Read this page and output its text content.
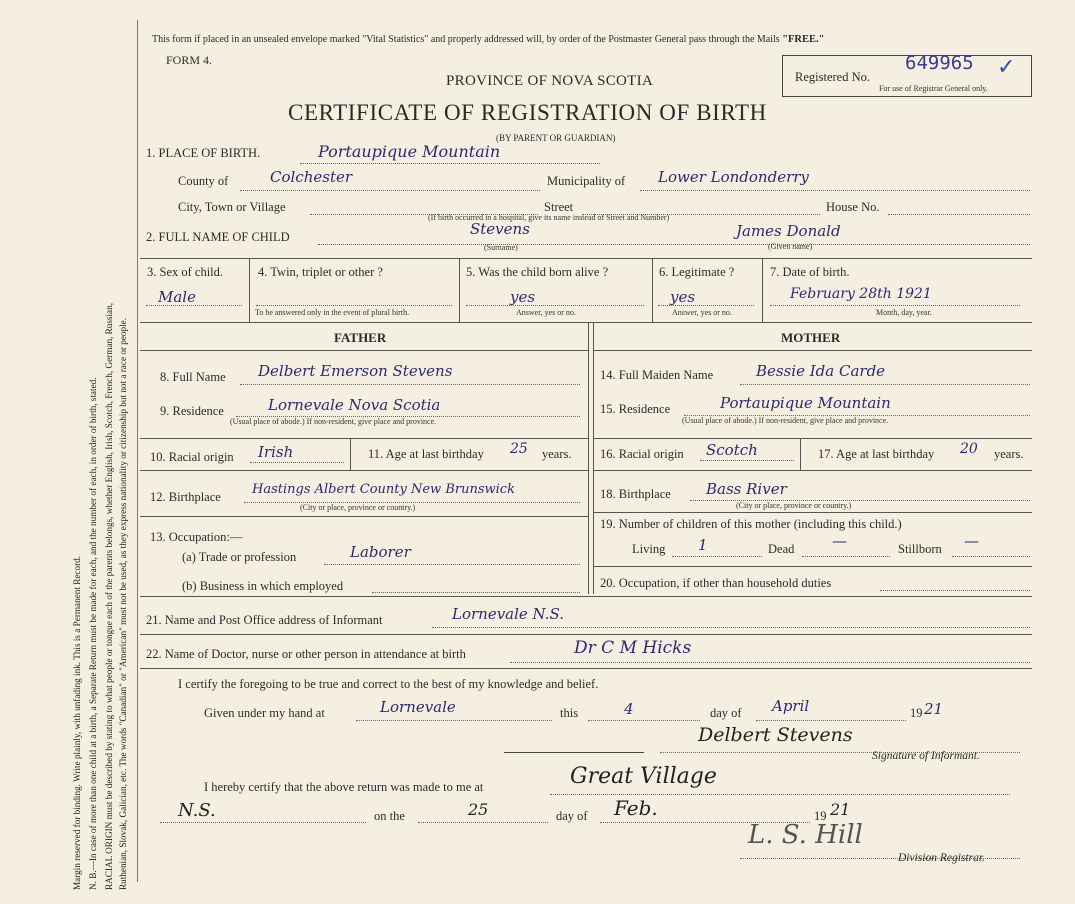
Margin reserved for binding. Write plainly, with unfading ink. This is a Permanent Record. N. B.—In case of more than one child at a birth, a Separate Return must be made for each, and the number of each, in order of birth, stated. RACIAL ORIGIN must be described by stating to what people or tongue each of the parents belongs, whether English, Irish, Scotch, French, German, Russian, Ruthenian, Slovak, Galician, etc. The words "Canadian" or "American" must not be used, as they express nationality or citizenship but not a race or people.
This form if placed in an unsealed envelope marked "Vital Statistics" and properly addressed will, by order of the Postmaster General pass through the Mails "FREE."
FORM 4.
PROVINCE OF NOVA SCOTIA
CERTIFICATE OF REGISTRATION OF BIRTH
(BY PARENT OR GUARDIAN)
Registered No.
649965 ✓
For use of Registrar General only.
1. PLACE OF BIRTH.	Portaupique Mountain
County of	Colchester	Municipality of Lower Londonderry
City, Town or Village	Street	House No.
(If birth occurred in a hospital, give its name instead of Street and Number)
2. FULL NAME OF CHILD	Stevens
(Surname)
James Donald
(Given name)
3. Sex of child.
Male
4. Twin, triplet or other ?
To be answered only in the event of plural birth.
5. Was the child born alive ?
yes
Answer, yes or no.
6. Legitimate ?
yes
Answer, yes or no.
7. Date of birth.
February 28th 1921
Month, day, year.
FATHER	MOTHER
8. Full Name Delbert Emerson Stevens
9. Residence	Lornevale Nova Scotia
(Usual place of abode.) If non-resident, give place and province.
10. Racial origin Irish	11. Age at last birthday 25 years.
12. Birthplace Hastings Albert County New Brunswick
(City or place, province or country.)
13. Occupation:—
(a) Trade or profession	Laborer
(b) Business in which employed
14. Full Maiden Name	Bessie Ida Carde
15. Residence	Portaupique Mountain
(Usual place of abode.) If non-resident, give place and province.
16. Racial origin Scotch	17. Age at last birthday 20 years.
18. Birthplace Bass River
(City or place, province or country.)
19. Number of children of this mother (including this child.)
Living 1	Dead	—	Stillborn —
20. Occupation, if other than household duties
21. Name and Post Office address of Informant	Lornevale N.S.
22. Name of Doctor, nurse or other person in attendance at birth	Dr C M Hicks
I certify the foregoing to be true and correct to the best of my knowledge and belief.
Given under my hand at	Lornevale	this	4	day of April	19 21
Delbert Stevens
Signature of Informant.
I hereby certify that the above return was made to me at	Great Village
N.S.	on the	25	day of Feb.	19 21
L. S. Hill
Division Registrar.
